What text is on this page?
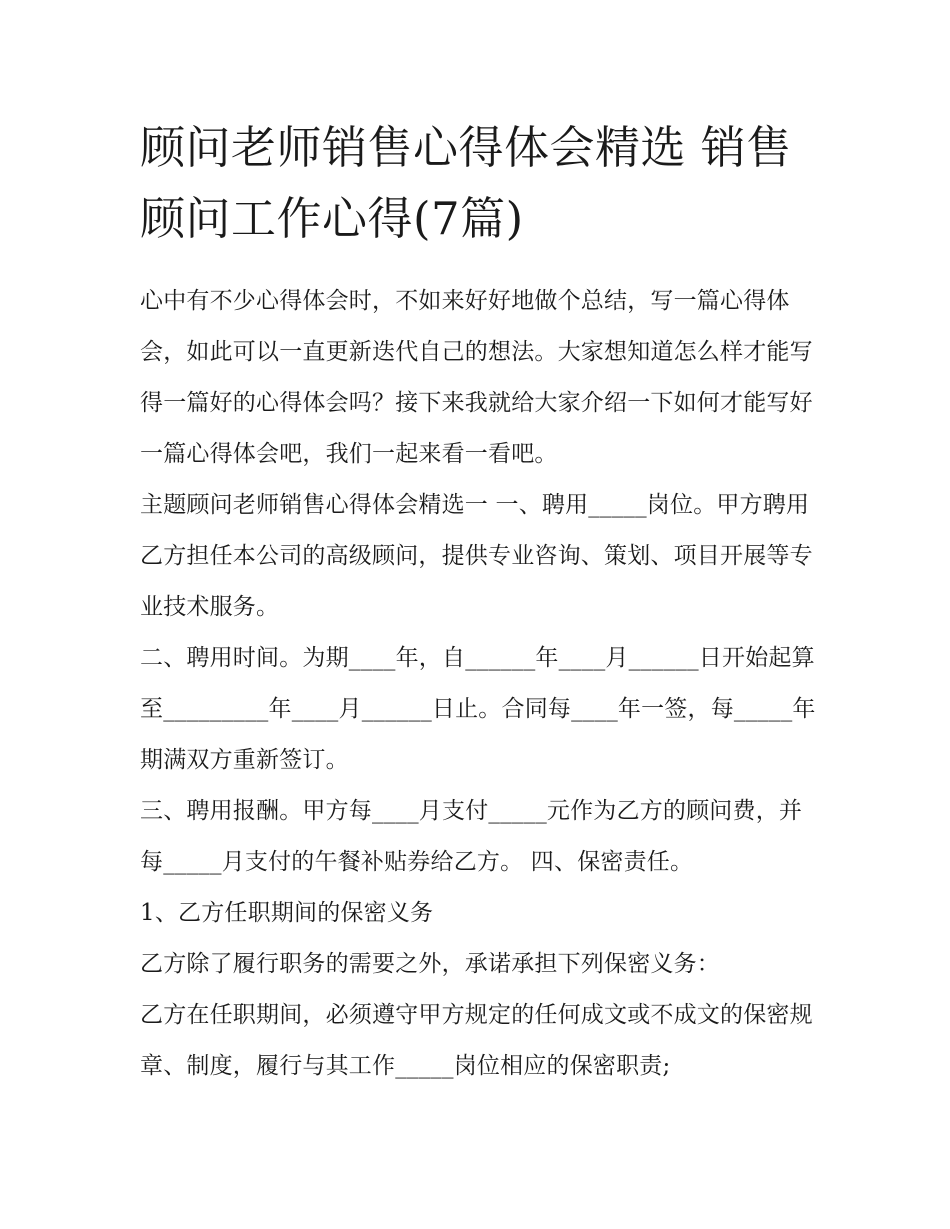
顾问老师销售心得体会精选 销售顾问工作心得(7篇)

心中有不少心得体会时，不如来好好地做个总结，写一篇心得体会，如此可以一直更新迭代自己的想法。大家想知道怎么样才能写得一篇好的心得体会吗？接下来我就给大家介绍一下如何才能写好一篇心得体会吧，我们一起来看一看吧。

主题顾问老师销售心得体会精选一 一、聘用_____岗位。甲方聘用乙方担任本公司的高级顾问，提供专业咨询、策划、项目开展等专业技术服务。

二、聘用时间。为期____年，自______年____月______日开始起算至_________年____月______日止。合同每____年一签，每_____年期满双方重新签订。

三、聘用报酬。甲方每____月支付_____元作为乙方的顾问费，并每_____月支付的午餐补贴券给乙方。 四、保密责任。

1、乙方任职期间的保密义务

乙方除了履行职务的需要之外，承诺承担下列保密义务：

乙方在任职期间，必须遵守甲方规定的任何成文或不成文的保密规章、制度，履行与其工作_____岗位相应的保密职责;
